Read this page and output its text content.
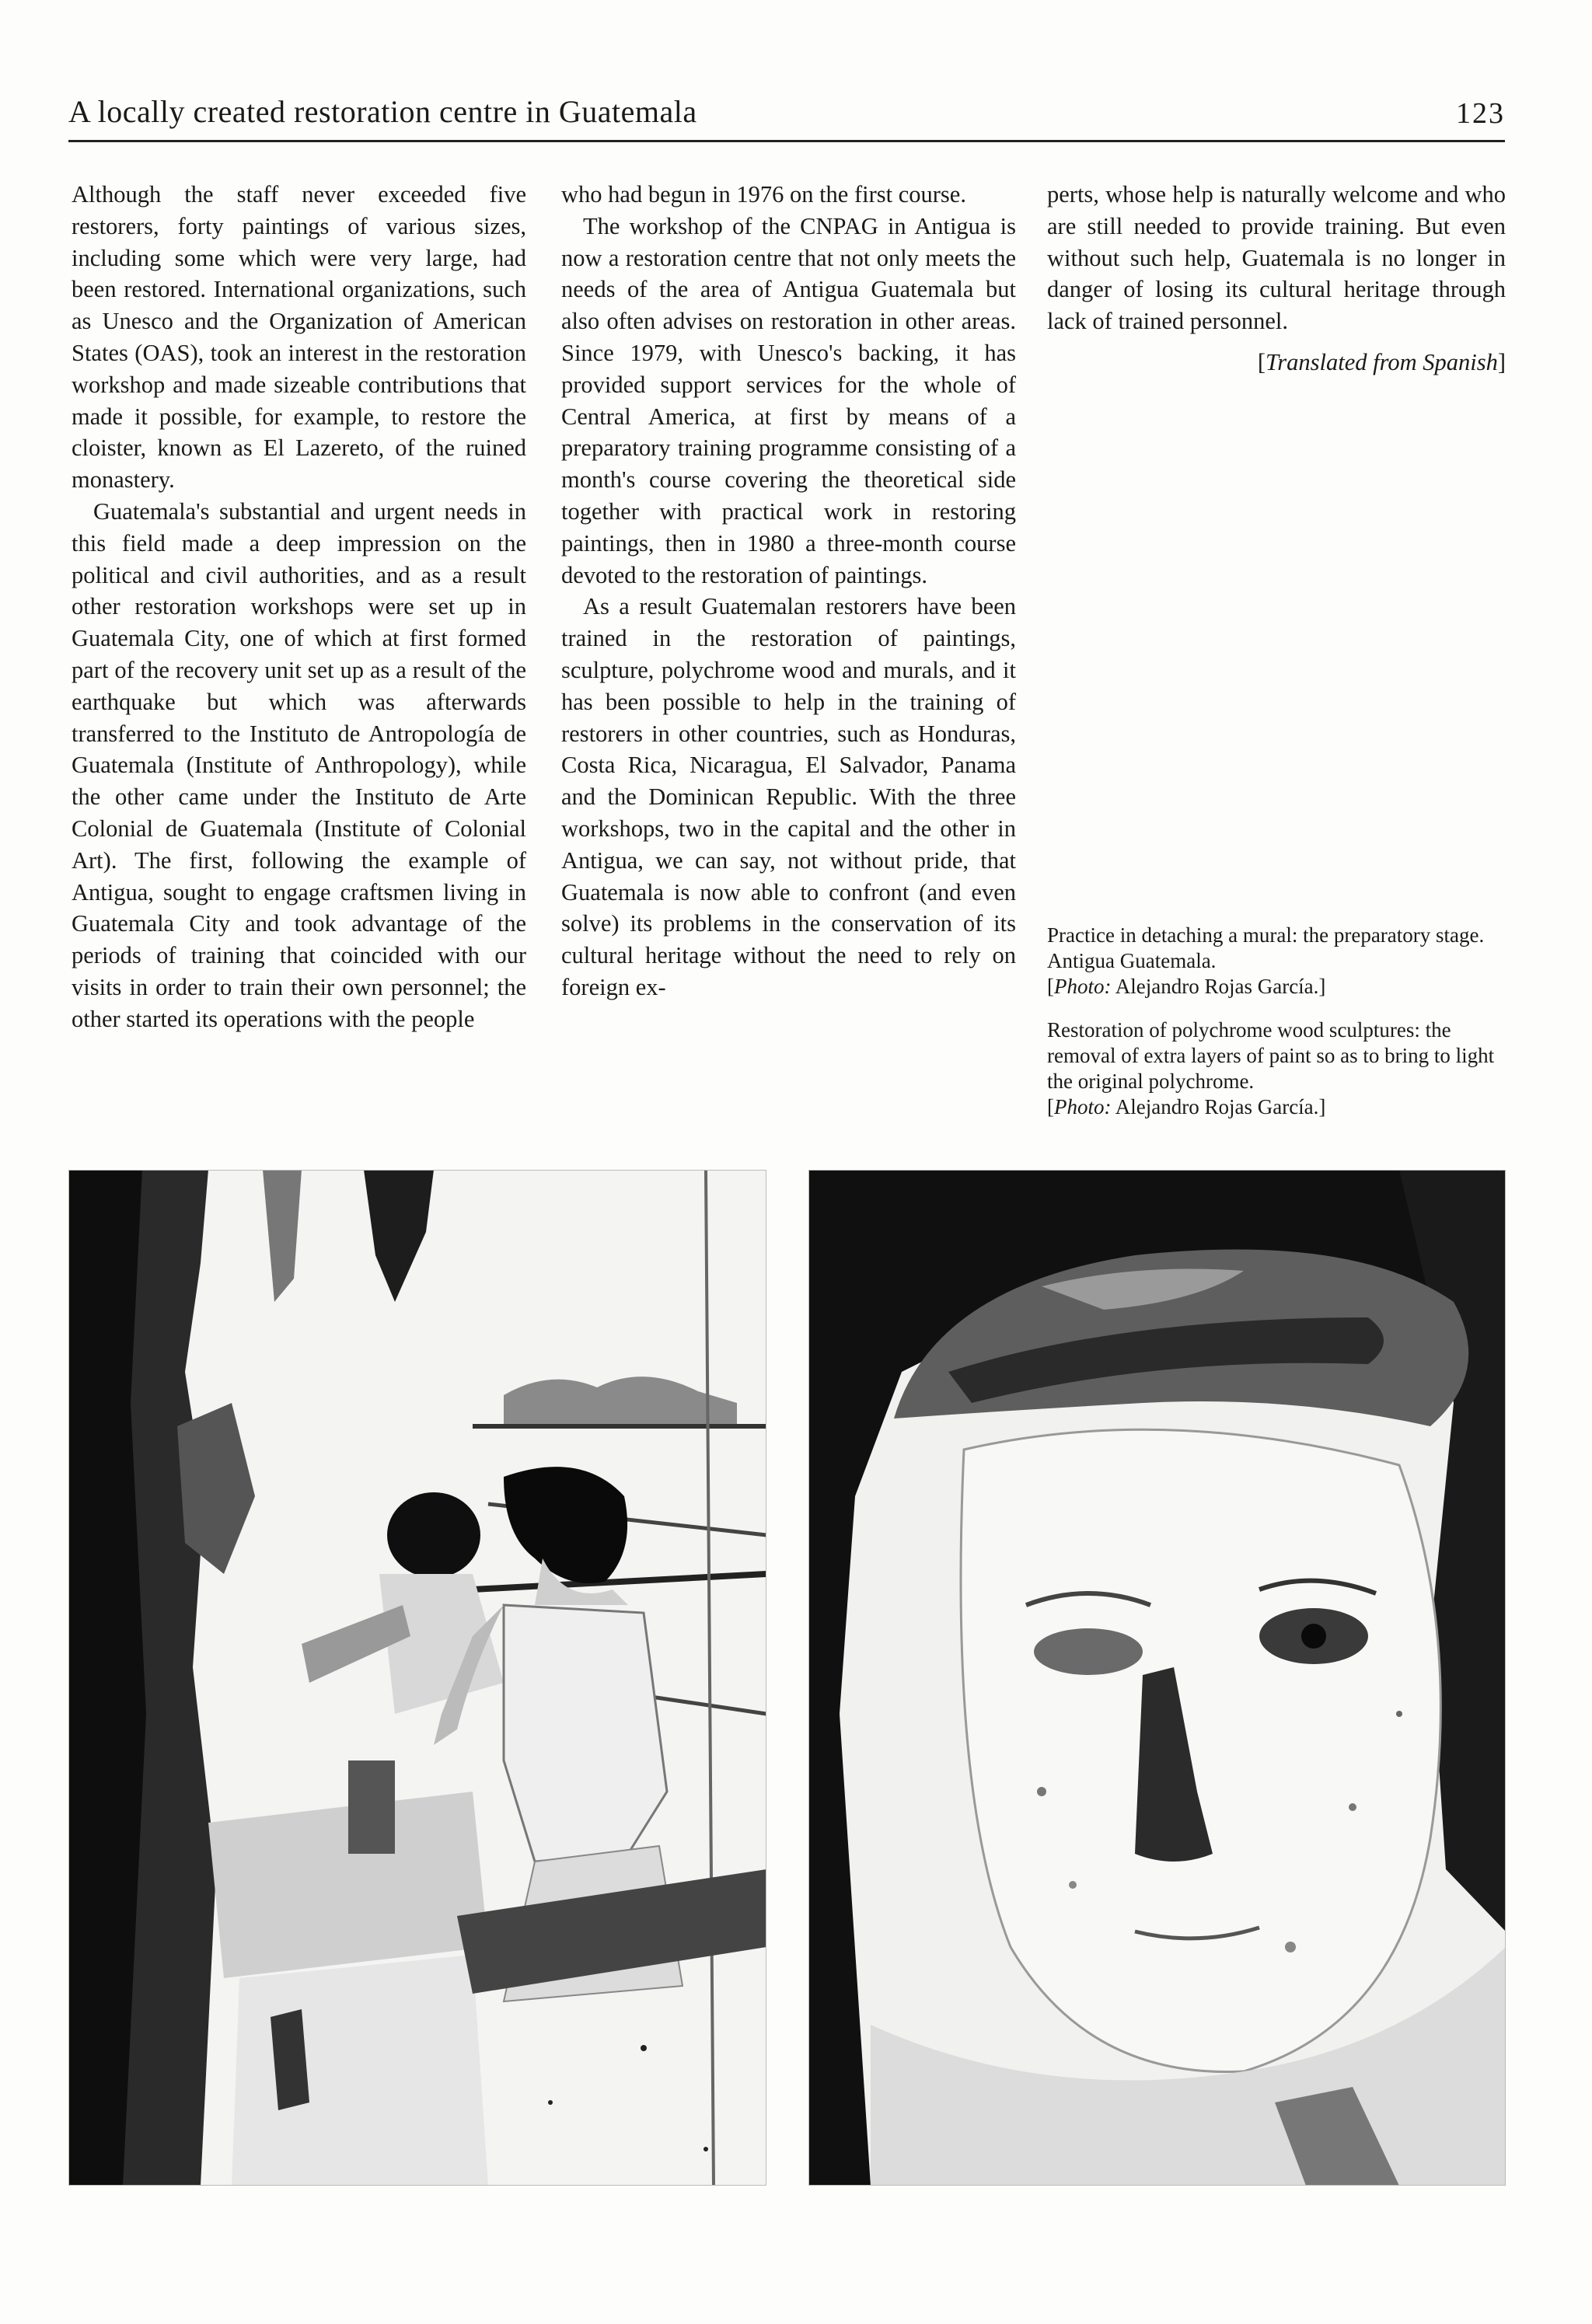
A locally created restoration centre in Guatemala	123

Although the staff never exceeded five restorers, forty paintings of various sizes, including some which were very large, had been restored. International organizations, such as Unesco and the Organization of American States (OAS), took an interest in the restoration workshop and made sizeable contributions that made it possible, for example, to restore the cloister, known as El Lazereto, of the ruined monastery.

Guatemala's substantial and urgent needs in this field made a deep impression on the political and civil authorities, and as a result other restoration workshops were set up in Guatemala City, one of which at first formed part of the recovery unit set up as a result of the earthquake but which was afterwards transferred to the Instituto de Antropología de Guatemala (Institute of Anthropology), while the other came under the Instituto de Arte Colonial de Guatemala (Institute of Colonial Art). The first, following the example of Antigua, sought to engage craftsmen living in Guatemala City and took advantage of the periods of training that coincided with our visits in order to train their own personnel; the other started its operations with the people

who had begun in 1976 on the first course.

The workshop of the CNPAG in Antigua is now a restoration centre that not only meets the needs of the area of Antigua Guatemala but also often advises on restoration in other areas. Since 1979, with Unesco's backing, it has provided support services for the whole of Central America, at first by means of a preparatory training programme consisting of a month's course covering the theoretical side together with practical work in restoring paintings, then in 1980 a three-month course devoted to the restoration of paintings.

As a result Guatemalan restorers have been trained in the restoration of paintings, sculpture, polychrome wood and murals, and it has been possible to help in the training of restorers in other countries, such as Honduras, Costa Rica, Nicaragua, El Salvador, Panama and the Dominican Republic. With the three workshops, two in the capital and the other in Antigua, we can say, not without pride, that Guatemala is now able to confront (and even solve) its problems in the conservation of its cultural heritage without the need to rely on foreign ex-

perts, whose help is naturally welcome and who are still needed to provide training. But even without such help, Guatemala is no longer in danger of losing its cultural heritage through lack of trained personnel.

[Translated from Spanish]

Practice in detaching a mural: the preparatory stage. Antigua Guatemala.
[Photo: Alejandro Rojas García.]
Restoration of polychrome wood sculptures: the removal of extra layers of paint so as to bring to light the original polychrome.
[Photo: Alejandro Rojas García.]
